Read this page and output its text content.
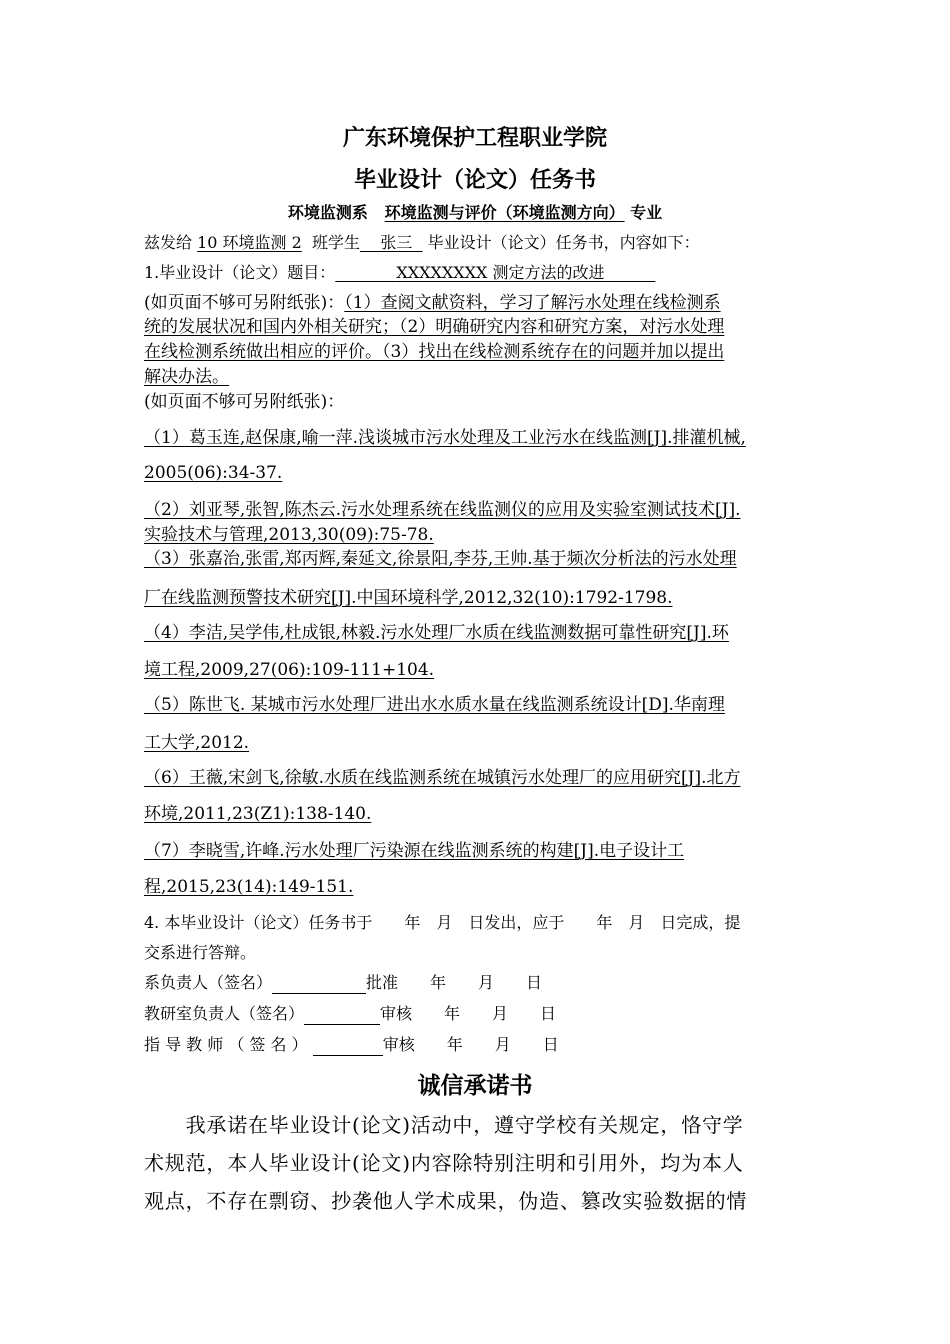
广东环境保护工程职业学院
毕业设计（论文）任务书
环境监测系 环境监测与评价（环境监测方向） 专业
兹发给 10 环境监测 2 班学生 张三 毕业设计（论文）任务书，内容如下：
1.毕业设计（论文）题目：	XXXXXXXX 测定方法的改进
(如页面不够可另附纸张)：（1）查阅文献资料，学习了解污水处理在线检测系
统的发展状况和国内外相关研究；（2）明确研究内容和研究方案，对污水处理
在线检测系统做出相应的评价。（3）找出在线检测系统存在的问题并加以提出
解决办法。
(如页面不够可另附纸张)：
（1）葛玉连,赵保康,喻一萍.浅谈城市污水处理及工业污水在线监测[J].排灌机械,
2005(06):34-37.
（2）刘亚琴,张智,陈杰云.污水处理系统在线监测仪的应用及实验室测试技术[J].
实验技术与管理,2013,30(09):75-78.
（3）张嘉治,张雷,郑丙辉,秦延文,徐景阳,李芬,王帅.基于频次分析法的污水处理
厂在线监测预警技术研究[J].中国环境科学,2012,32(10):1792-1798.
（4）李洁,吴学伟,杜成银,林毅.污水处理厂水质在线监测数据可靠性研究[J].环
境工程,2009,27(06):109-111+104.
（5）陈世飞. 某城市污水处理厂进出水水质水量在线监测系统设计[D].华南理
工大学,2012.
（6）王薇,宋剑飞,徐敏.水质在线监测系统在城镇污水处理厂的应用研究[J].北方
环境,2011,23(Z1):138-140.
（7）李晓雪,许峰.污水处理厂污染源在线监测系统的构建[J].电子设计工
程,2015,23(14):149-151.
4. 本毕业设计（论文）任务书于　　年　月　日发出，应于　　年　月　日完成，提
交系进行答辩。
系负责人（签名）	批准　　年　　月　　日
教研室负责人（签名）	审核　　年　　月　　日
指 导 教 师 （ 签 名 ）	审核　　年　　月　　日
诚信承诺书
　　我承诺在毕业设计(论文)活动中，遵守学校有关规定，恪守学
术规范，本人毕业设计(论文)内容除特别注明和引用外，均为本人
观点，不存在剽窃、抄袭他人学术成果，伪造、篡改实验数据的情
